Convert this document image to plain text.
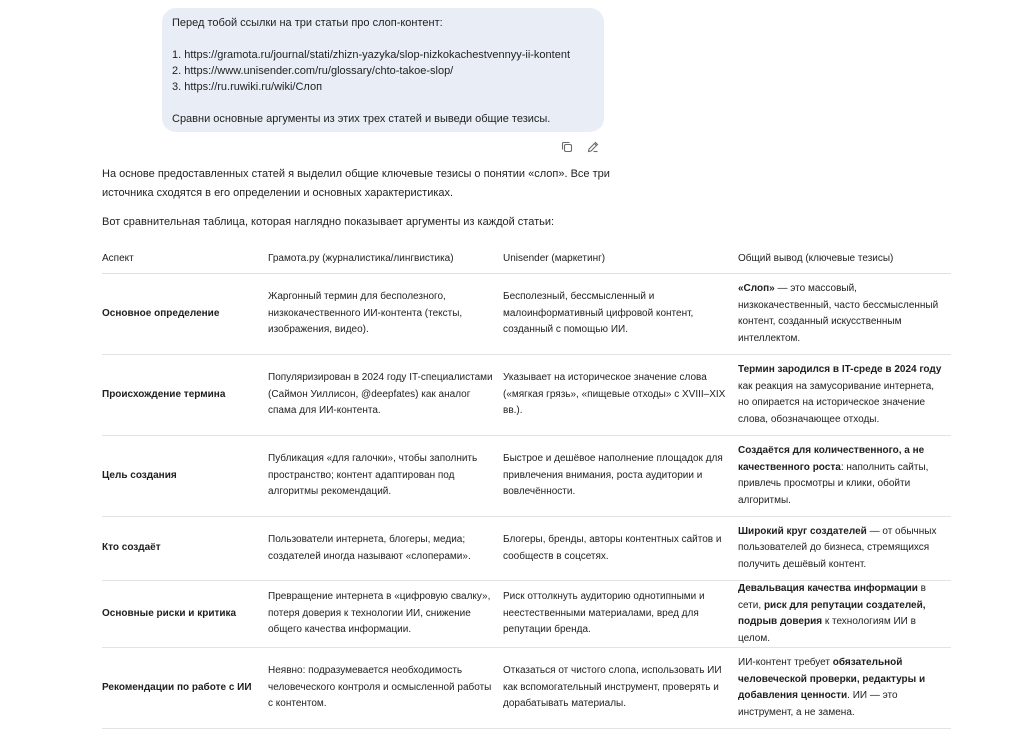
Перед тобой ссылки на три статьи про слоп-контент:

1. https://gramota.ru/journal/stati/zhizn-yazyka/slop-nizkokachestvennyy-ii-kontent

2. https://www.unisender.com/ru/glossary/chto-takoe-slop/

3. https://ru.ruwiki.ru/wiki/Слоп

Сравни основные аргументы из этих трех статей и выведи общие тезисы.

На основе предоставленных статей я выделил общие ключевые тезисы о понятии «слоп». Все три

источника сходятся в его определении и основных характеристиках.

Вот сравнительная таблица, которая наглядно показывает аргументы из каждой статьи:

Аспект	Грамота.ру (журналистика/лингвистика)	Unisender (маркетинг)	Общий вывод (ключевые тезисы)
Основное определение	Жаргонный термин для бесполезного, низкокачественного ИИ-контента (тексты, изображения, видео).	Бесполезный, бессмысленный и малоинформативный цифровой контент, созданный с помощью ИИ.	«Слоп» — это массовый, низкокачественный, часто бессмысленный контент, созданный искусственным интеллектом.
Происхождение термина	Популяризирован в 2024 году IT-специалистами (Саймон Уиллисон, @deepfates) как аналог спама для ИИ-контента.	Указывает на историческое значение слова («мягкая грязь», «пищевые отходы» с XVIII–XIX вв.).	Термин зародился в IT-среде в 2024 году как реакция на замусоривание интернета, но опирается на историческое значение слова, обозначающее отходы.
Цель создания	Публикация «для галочки», чтобы заполнить пространство; контент адаптирован под алгоритмы рекомендаций.	Быстрое и дешёвое наполнение площадок для привлечения внимания, роста аудитории и вовлечённости.	Создаётся для количественного, а не качественного роста: наполнить сайты, привлечь просмотры и клики, обойти алгоритмы.
Кто создаёт	Пользователи интернета, блогеры, медиа; создателей иногда называют «слоперами».	Блогеры, бренды, авторы контентных сайтов и сообществ в соцсетях.	Широкий круг создателей — от обычных пользователей до бизнеса, стремящихся получить дешёвый контент.
Основные риски и критика	Превращение интернета в «цифровую свалку», потеря доверия к технологии ИИ, снижение общего качества информации.	Риск оттолкнуть аудиторию однотипными и неестественными материалами, вред для репутации бренда.	Девальвация качества информации в сети, риск для репутации создателей, подрыв доверия к технологиям ИИ в целом.
Рекомендации по работе с ИИ	Неявно: подразумевается необходимость человеческого контроля и осмысленной работы с контентом.	Отказаться от чистого слопа, использовать ИИ как вспомогательный инструмент, проверять и дорабатывать материалы.	ИИ-контент требует обязательной человеческой проверки, редактуры и добавления ценности. ИИ — это инструмент, а не замена.
